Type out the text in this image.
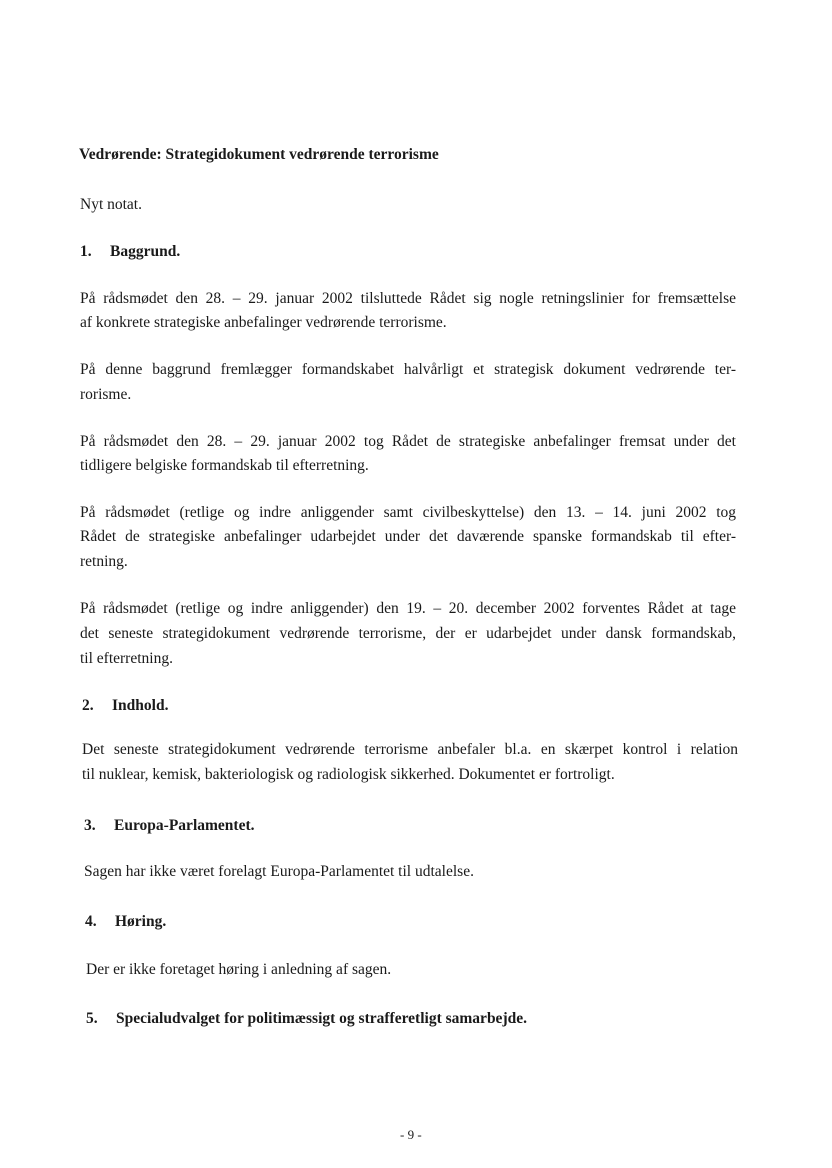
Vedrørende: Strategidokument vedrørende terrorisme
Nyt notat.
1. Baggrund.
På rådsmødet den 28. – 29. januar 2002 tilsluttede Rådet sig nogle retningslinier for fremsættelse
af konkrete strategiske anbefalinger vedrørende terrorisme.
På denne baggrund fremlægger formandskabet halvårligt et strategisk dokument vedrørende ter-
rorisme.
På rådsmødet den 28. – 29. januar 2002 tog Rådet de strategiske anbefalinger fremsat under det
tidligere belgiske formandskab til efterretning.
På rådsmødet (retlige og indre anliggender samt civilbeskyttelse) den 13. – 14. juni 2002 tog
Rådet de strategiske anbefalinger udarbejdet under det daværende spanske formandskab til efter-
retning.
På rådsmødet (retlige og indre anliggender) den 19. – 20. december 2002 forventes Rådet at tage
det seneste strategidokument vedrørende terrorisme, der er udarbejdet under dansk formandskab,
til efterretning.
2. Indhold.
Det seneste strategidokument vedrørende terrorisme anbefaler bl.a. en skærpet kontrol i relation
til nuklear, kemisk, bakteriologisk og radiologisk sikkerhed. Dokumentet er fortroligt.
3. Europa-Parlamentet.
Sagen har ikke været forelagt Europa-Parlamentet til udtalelse.
4. Høring.
Der er ikke foretaget høring i anledning af sagen.
5. Specialudvalget for politimæssigt og strafferetligt samarbejde.
- 9 -
